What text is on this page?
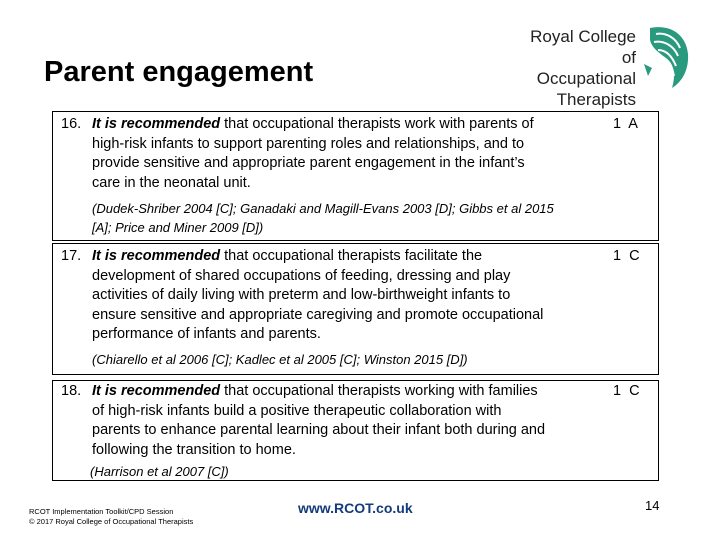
Parent engagement
Royal College of
Occupational
Therapists
16. It is recommended that occupational therapists work with parents of
high-risk infants to support parenting roles and relationships, and to
provide sensitive and appropriate parent engagement in the infant’s
care in the neonatal unit.
1 A
(Dudek-Shriber 2004 [C]; Ganadaki and Magill-Evans 2003 [D]; Gibbs et al 2015
[A]; Price and Miner 2009 [D])
17. It is recommended that occupational therapists facilitate the
development of shared occupations of feeding, dressing and play
activities of daily living with preterm and low-birthweight infants to
ensure sensitive and appropriate caregiving and promote occupational
performance of infants and parents.
1 C
(Chiarello et al 2006 [C]; Kadlec et al 2005 [C]; Winston 2015 [D])
18. It is recommended that occupational therapists working with families
of high-risk infants build a positive therapeutic collaboration with
parents to enhance parental learning about their infant both during and
following the transition to home.
1 C
(Harrison et al 2007 [C])
RCOT Implementation Toolkit/CPD Session
© 2017 Royal College of Occupational Therapists
www.RCOT.co.uk	14
